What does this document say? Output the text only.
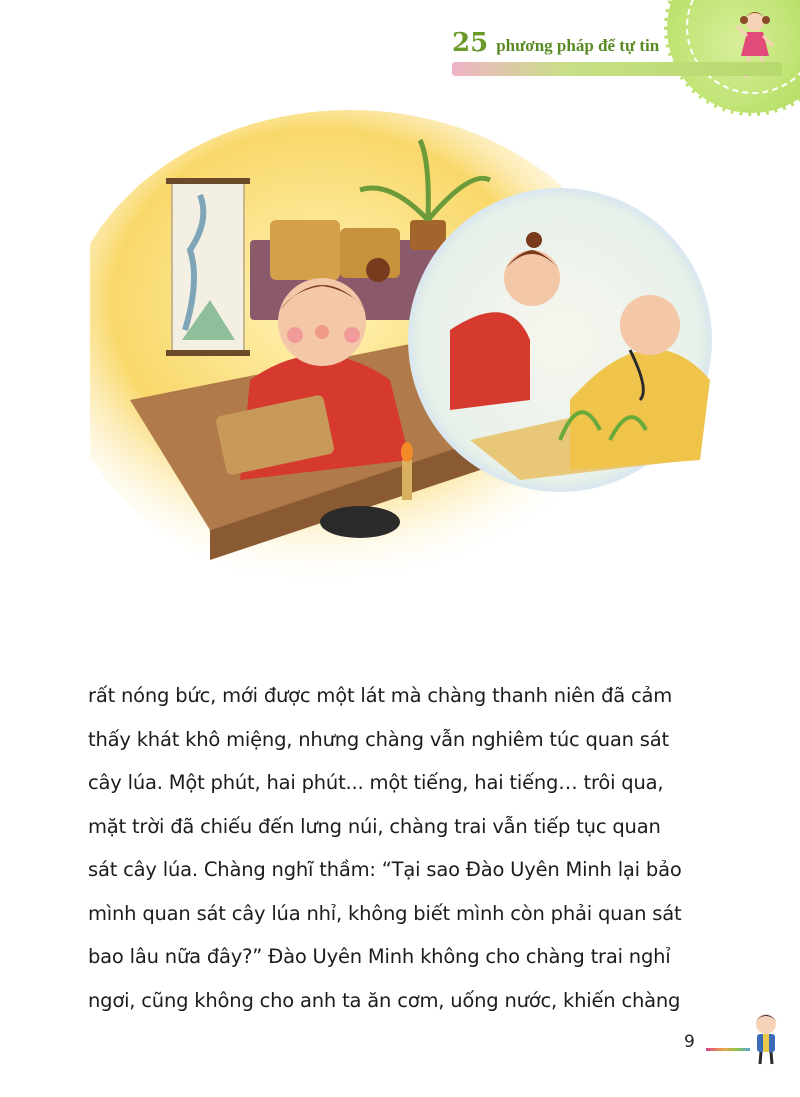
25 phương pháp để tự tin
rất nóng bức, mới được một lát mà chàng thanh niên đã cảm
thấy khát khô miệng, nhưng chàng vẫn nghiêm túc quan sát
cây lúa. Một phút, hai phút... một tiếng, hai tiếng… trôi qua,
mặt trời đã chiếu đến lưng núi, chàng trai vẫn tiếp tục quan
sát cây lúa. Chàng nghĩ thầm: “Tại sao Đào Uyên Minh lại bảo
mình quan sát cây lúa nhỉ, không biết mình còn phải quan sát
bao lâu nữa đây?” Đào Uyên Minh không cho chàng trai nghỉ
ngơi, cũng không cho anh ta ăn cơm, uống nước, khiến chàng
9
